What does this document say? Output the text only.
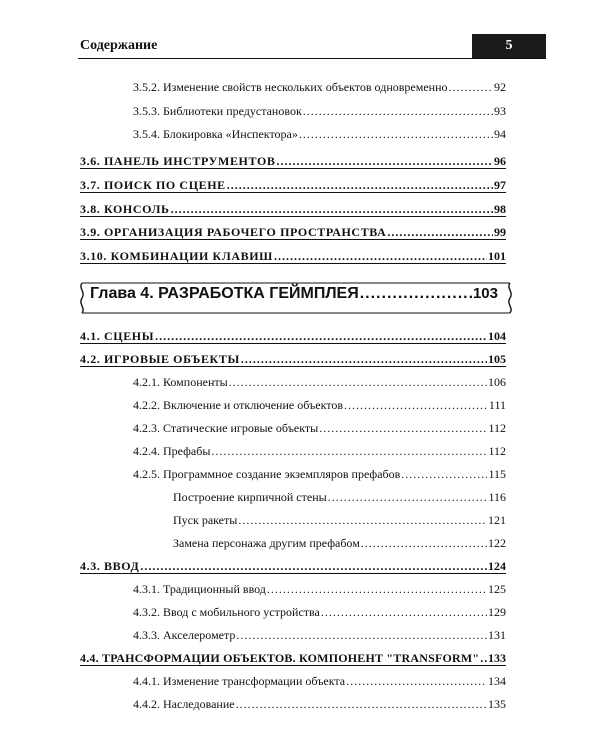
Содержание	5
3.5.2. Изменение свойств нескольких объектов одновременно .....	92
3.5.3. Библиотеки предустановок .....	93
3.5.4. Блокировка «Инспектора» .....	94
3.6. ПАНЕЛЬ ИНСТРУМЕНТОВ .....	96
3.7. ПОИСК ПО СЦЕНЕ .....	97
3.8. КОНСОЛЬ .....	98
3.9. ОРГАНИЗАЦИЯ РАБОЧЕГО ПРОСТРАНСТВА .....	99
3.10. КОМБИНАЦИИ КЛАВИШ .....	101
Глава 4. РАЗРАБОТКА ГЕЙМПЛЕЯ .....	103
4.1. СЦЕНЫ .....	104
4.2. ИГРОВЫЕ ОБЪЕКТЫ .....	105
4.2.1. Компоненты .....	106
4.2.2. Включение и отключение объектов .....	111
4.2.3. Статические игровые объекты .....	112
4.2.4. Префабы .....	112
4.2.5. Программное создание экземпляров префабов .....	115
Построение кирпичной стены .....	116
Пуск ракеты .....	121
Замена персонажа другим префабом .....	122
4.3. ВВОД .....	124
4.3.1. Традиционный ввод .....	125
4.3.2. Ввод с мобильного устройства .....	129
4.3.3. Акселерометр .....	131
4.4. ТРАНСФОРМАЦИИ ОБЪЕКТОВ. КОМПОНЕНТ "TRANSFORM" ..... 133
4.4.1. Изменение трансформации объекта .....	134
4.4.2. Наследование .....	135
